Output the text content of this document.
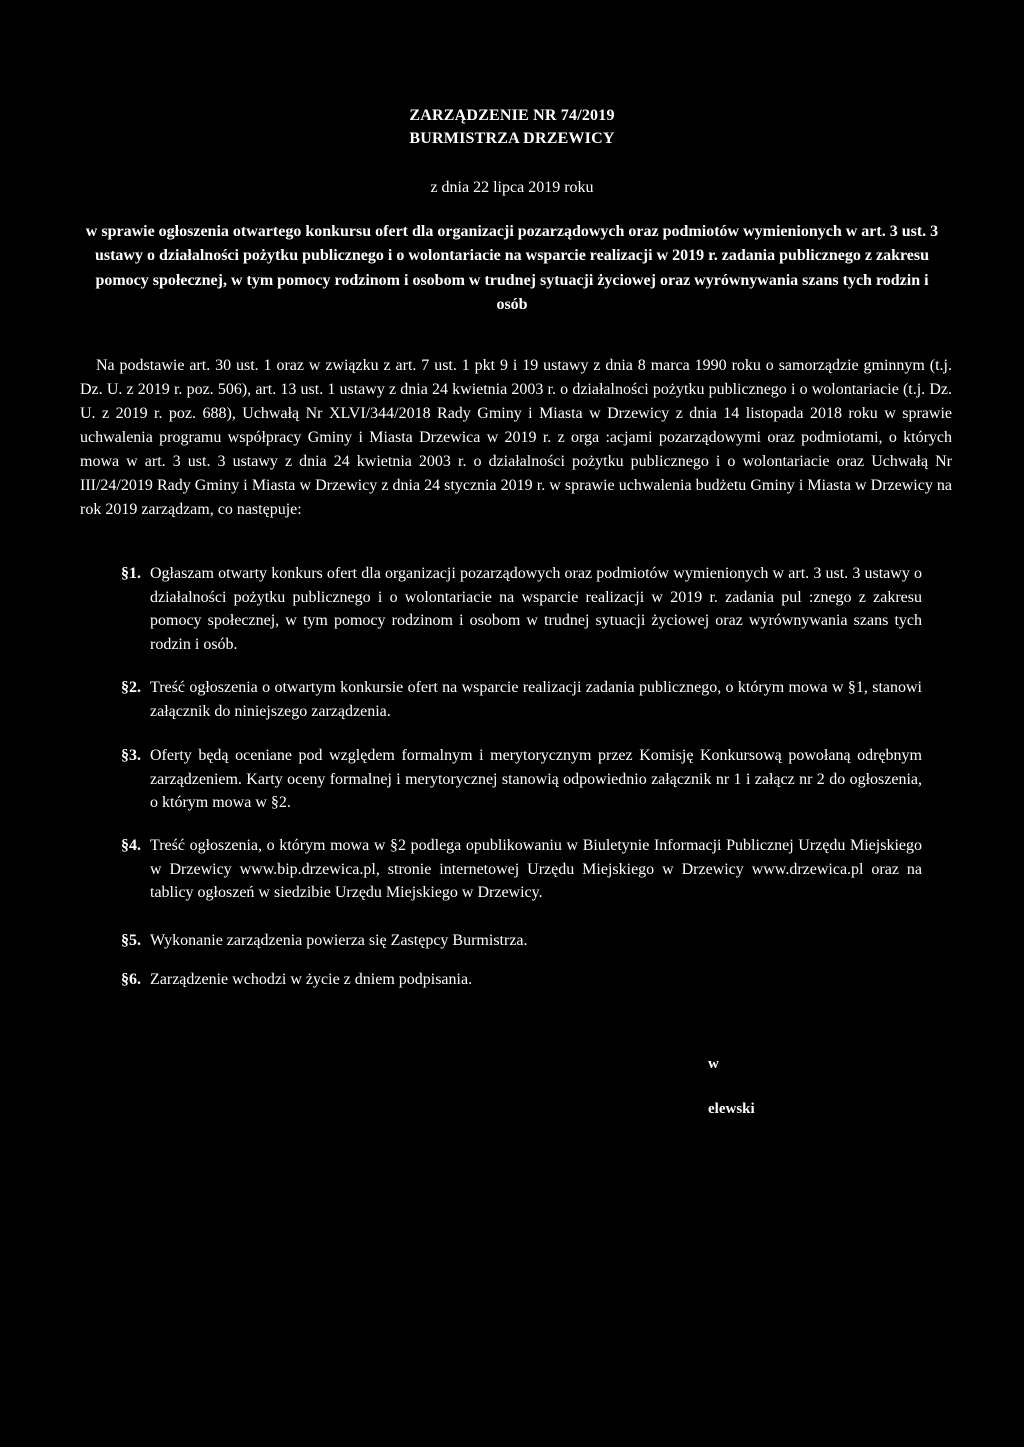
ZARZĄDZENIE NR 74/2019
BURMISTRZA DRZEWICY
z dnia 22 lipca 2019 roku
w sprawie ogłoszenia otwartego konkursu ofert dla organizacji pozarządowych oraz podmiotów wymienionych w art. 3 ust. 3 ustawy o działalności pożytku publicznego i o wolontariacie na wsparcie realizacji w 2019 r. zadania publicznego z zakresu pomocy społecznej, w tym pomocy rodzinom i osobom w trudnej sytuacji życiowej oraz wyrównywania szans tych rodzin i osób
Na podstawie art. 30 ust. 1 oraz w związku z art. 7 ust. 1 pkt 9 i 19 ustawy z dnia 8 marca 1990 roku o samorządzie gminnym (t.j. Dz. U. z 2019 r. poz. 506), art. 13 ust. 1 ustawy z dnia 24 kwietnia 2003 r. o działalności pożytku publicznego i o wolontariacie (t.j. Dz. U. z 2019 r. poz. 688), Uchwałą Nr XLVI/344/2018 Rady Gminy i Miasta w Drzewicy z dnia 14 listopada 2018 roku w sprawie uchwalenia programu współpracy Gminy i Miasta Drzewica w 2019 r. z orga :acjami pozarządowymi oraz podmiotami, o których mowa w art. 3 ust. 3 ustawy z dnia 24 kwietnia 2003 r. o działalności pożytku publicznego i o wolontariacie oraz Uchwałą Nr III/24/2019 Rady Gminy i Miasta w Drzewicy z dnia 24 stycznia 2019 r. w sprawie uchwalenia budżetu Gminy i Miasta w Drzewicy na rok 2019 zarządzam, co następuje:
§1. Ogłaszam otwarty konkurs ofert dla organizacji pozarządowych oraz podmiotów wymienionych w art. 3 ust. 3 ustawy o działalności pożytku publicznego i o wolontariacie na wsparcie realizacji w 2019 r. zadania pul :znego z zakresu pomocy społecznej, w tym pomocy rodzinom i osobom w trudnej sytuacji życiowej oraz wyrównywania szans tych rodzin i osób.
§2. Treść ogłoszenia o otwartym konkursie ofert na wsparcie realizacji zadania publicznego, o którym mowa w §1, stanowi załącznik do niniejszego zarządzenia.
§3. Oferty będą oceniane pod względem formalnym i merytorycznym przez Komisję Konkursową powołaną odrębnym zarządzeniem. Karty oceny formalnej i merytorycznej stanowią odpowiednio załącznik nr 1 i załącz nr 2 do ogłoszenia, o którym mowa w §2.
§4. Treść ogłoszenia, o którym mowa w §2 podlega opublikowaniu w Biuletynie Informacji Publicznej Urzędu Miejskiego w Drzewicy www.bip.drzewica.pl, stronie internetowej Urzędu Miejskiego w Drzewicy www.drzewica.pl oraz na tablicy ogłoszeń w siedzibie Urzędu Miejskiego w Drzewicy.
§5. Wykonanie zarządzenia powierza się Zastępcy Burmistrza.
§6. Zarządzenie wchodzi w życie z dniem podpisania.
w
elewski
